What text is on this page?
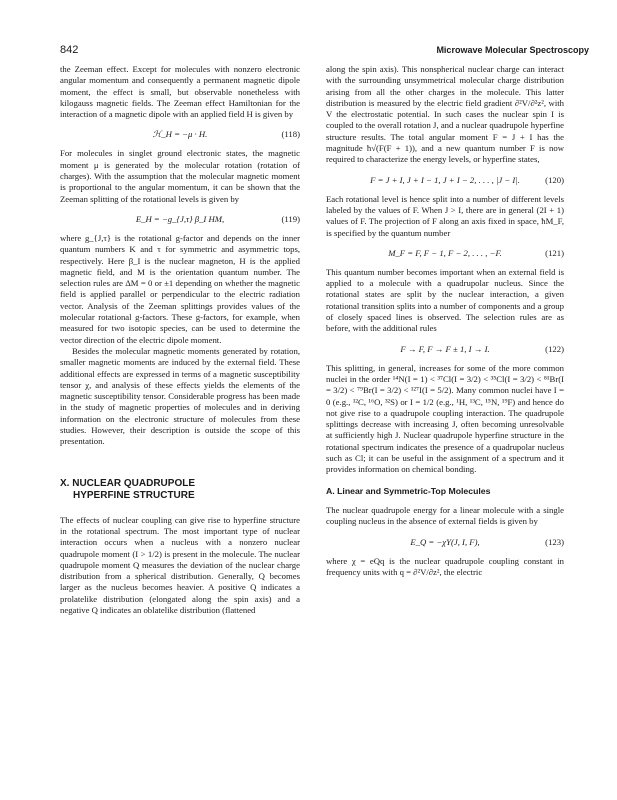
842	Microwave Molecular Spectroscopy

the Zeeman effect. Except for molecules with nonzero electronic angular momentum and consequently a permanent magnetic dipole moment, the effect is small, but observable nonetheless with kilogauss magnetic fields. The Zeeman effect Hamiltonian for the interaction of a magnetic dipole with an applied field H is given by

ℋ_H = −μ · H.	(118)

For molecules in singlet ground electronic states, the magnetic moment μ is generated by the molecular rotation (rotation of charges). With the assumption that the molecular magnetic moment is proportional to the angular momentum, it can be shown that the Zeeman splitting of the rotational levels is given by

E_H = −g_{J,τ} β_I HM,	(119)

where g_{J,τ} is the rotational g-factor and depends on the inner quantum numbers K and τ for symmetric and asymmetric tops, respectively. Here β_I is the nuclear magneton, H is the applied magnetic field, and M is the orientation quantum number. The selection rules are ΔM = 0 or ±1 depending on whether the magnetic field is applied parallel or perpendicular to the electric radiation vector. Analysis of the Zeeman splittings provides values of the molecular rotational g-factors. These g-factors, for example, when measured for two isotopic species, can be used to determine the vector direction of the electric dipole moment.

Besides the molecular magnetic moments generated by rotation, smaller magnetic moments are induced by the external field. These additional effects are expressed in terms of a magnetic susceptibility tensor χ, and analysis of these effects yields the elements of the magnetic susceptibility tensor. Considerable progress has been made in the study of magnetic properties of molecules and in deriving information on the electronic structure of molecules from these studies. However, their description is outside the scope of this presentation.

X. NUCLEAR QUADRUPOLE
HYPERFINE STRUCTURE

The effects of nuclear coupling can give rise to hyperfine structure in the rotational spectrum. The most important type of nuclear interaction occurs when a nucleus with a nonzero nuclear quadrupole moment (I > 1/2) is present in the molecule. The nuclear quadrupole moment Q measures the deviation of the nuclear charge distribution from a spherical distribution. Generally, Q becomes larger as the nucleus becomes heavier. A positive Q indicates a prolatelike distribution (elongated along the spin axis) and a negative Q indicates an oblatelike distribution (flattened

along the spin axis). This nonspherical nuclear charge can interact with the surrounding unsymmetrical molecular charge distribution arising from all the other charges in the molecule. This latter distribution is measured by the electric field gradient ∂²V/∂²z², with V the electrostatic potential. In such cases the nuclear spin I is coupled to the overall rotation J, and a nuclear quadrupole hyperfine structure results. The total angular moment F = J + I has the magnitude ħ√(F(F + 1)), and a new quantum number F is now required to characterize the energy levels, or hyperfine states,

F = J + I, J + I − 1, J + I − 2, . . . , |J − I|.	(120)

Each rotational level is hence split into a number of different levels labeled by the values of F. When J > I, there are in general (2I + 1) values of F. The projection of F along an axis fixed in space, ħM_F, is specified by the quantum number

M_F = F, F − 1, F − 2, . . . , −F.	(121)

This quantum number becomes important when an external field is applied to a molecule with a quadrupolar nucleus. Since the rotational states are split by the nuclear interaction, a given rotational transition splits into a number of components and a group of closely spaced lines is observed. The selection rules are as before, with the additional rules

F → F, F → F ± 1, I → I.	(122)

This splitting, in general, increases for some of the more common nuclei in the order ¹⁴N(I = 1) < ³⁷Cl(I = 3/2) < ³⁵Cl(I = 3/2) < ⁸¹Br(I = 3/2) < ⁷⁹Br(I = 3/2) < ¹²⁷I(I = 5/2). Many common nuclei have I = 0 (e.g., ¹²C, ¹⁶O, ³²S) or I = 1/2 (e.g., ¹H, ¹³C, ¹⁵N, ¹⁹F) and hence do not give rise to a quadrupole coupling interaction. The quadrupole splittings decrease with increasing J, often becoming unresolvable at sufficiently high J. Nuclear quadrupole hyperfine structure in the rotational spectrum indicates the presence of a quadrupolar nucleus such as Cl; it can be useful in the assignment of a spectrum and it provides information on chemical bonding.

A. Linear and Symmetric-Top Molecules

The nuclear quadrupole energy for a linear molecule with a single coupling nucleus in the absence of external fields is given by

E_Q = −χY(J, I, F),	(123)

where χ = eQq is the nuclear quadrupole coupling constant in frequency units with q = ∂²V/∂z², the electric
